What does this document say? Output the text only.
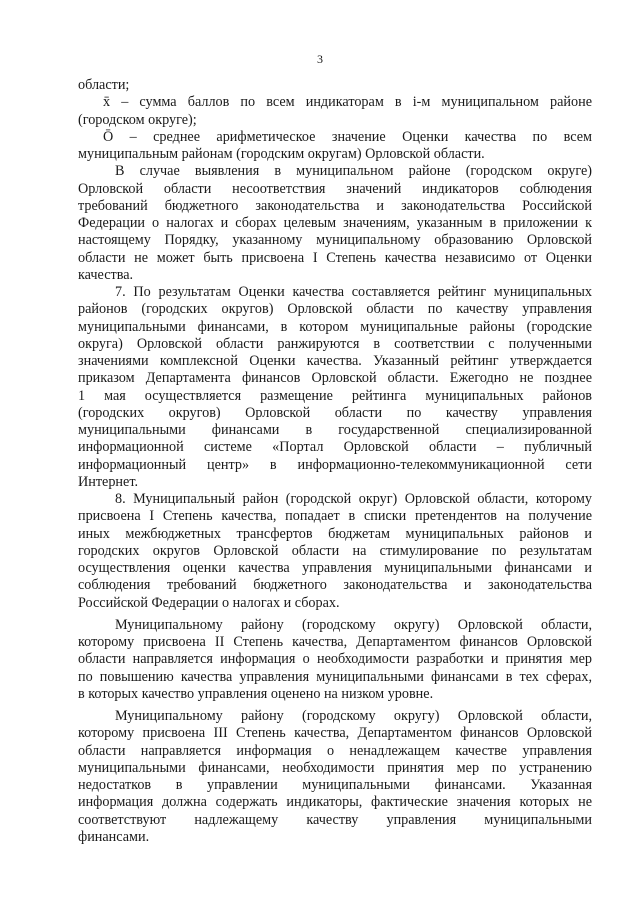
3
области;
x̄ – сумма баллов по всем индикаторам в i-м муниципальном районе
(городском округе);
Ō – среднее арифметическое значение Оценки качества по всем
муниципальным районам (городским округам) Орловской области.
В случае выявления в муниципальном районе (городском округе)
Орловской области несоответствия значений индикаторов соблюдения
требований бюджетного законодательства и законодательства Российской
Федерации о налогах и сборах целевым значениям, указанным в приложении к
настоящему Порядку, указанному муниципальному образованию Орловской
области не может быть присвоена I Степень качества независимо от Оценки
качества.
7. По результатам Оценки качества составляется рейтинг муниципальных
районов (городских округов) Орловской области по качеству управления
муниципальными финансами, в котором муниципальные районы (городские
округа) Орловской области ранжируются в соответствии с полученными
значениями комплексной Оценки качества. Указанный рейтинг утверждается
приказом Департамента финансов Орловской области. Ежегодно не позднее
1 мая осуществляется размещение рейтинга муниципальных районов
(городских округов) Орловской области по качеству управления
муниципальными финансами в государственной специализированной
информационной системе «Портал Орловской области – публичный
информационный центр» в информационно-телекоммуникационной сети
Интернет.
8. Муниципальный район (городской округ) Орловской области, которому
присвоена I Степень качества, попадает в списки претендентов на получение
иных межбюджетных трансфертов бюджетам муниципальных районов и
городских округов Орловской области на стимулирование по результатам
осуществления оценки качества управления муниципальными финансами и
соблюдения требований бюджетного законодательства и законодательства
Российской Федерации о налогах и сборах.
Муниципальному району (городскому округу) Орловской области,
которому присвоена II Степень качества, Департаментом финансов Орловской
области направляется информация о необходимости разработки и принятия мер
по повышению качества управления муниципальными финансами в тех сферах,
в которых качество управления оценено на низком уровне.
Муниципальному району (городскому округу) Орловской области,
которому присвоена III Степень качества, Департаментом финансов Орловской
области направляется информация о ненадлежащем качестве управления
муниципальными финансами, необходимости принятия мер по устранению
недостатков в управлении муниципальными финансами. Указанная
информация должна содержать индикаторы, фактические значения которых не
соответствуют надлежащему качеству управления муниципальными
финансами.
